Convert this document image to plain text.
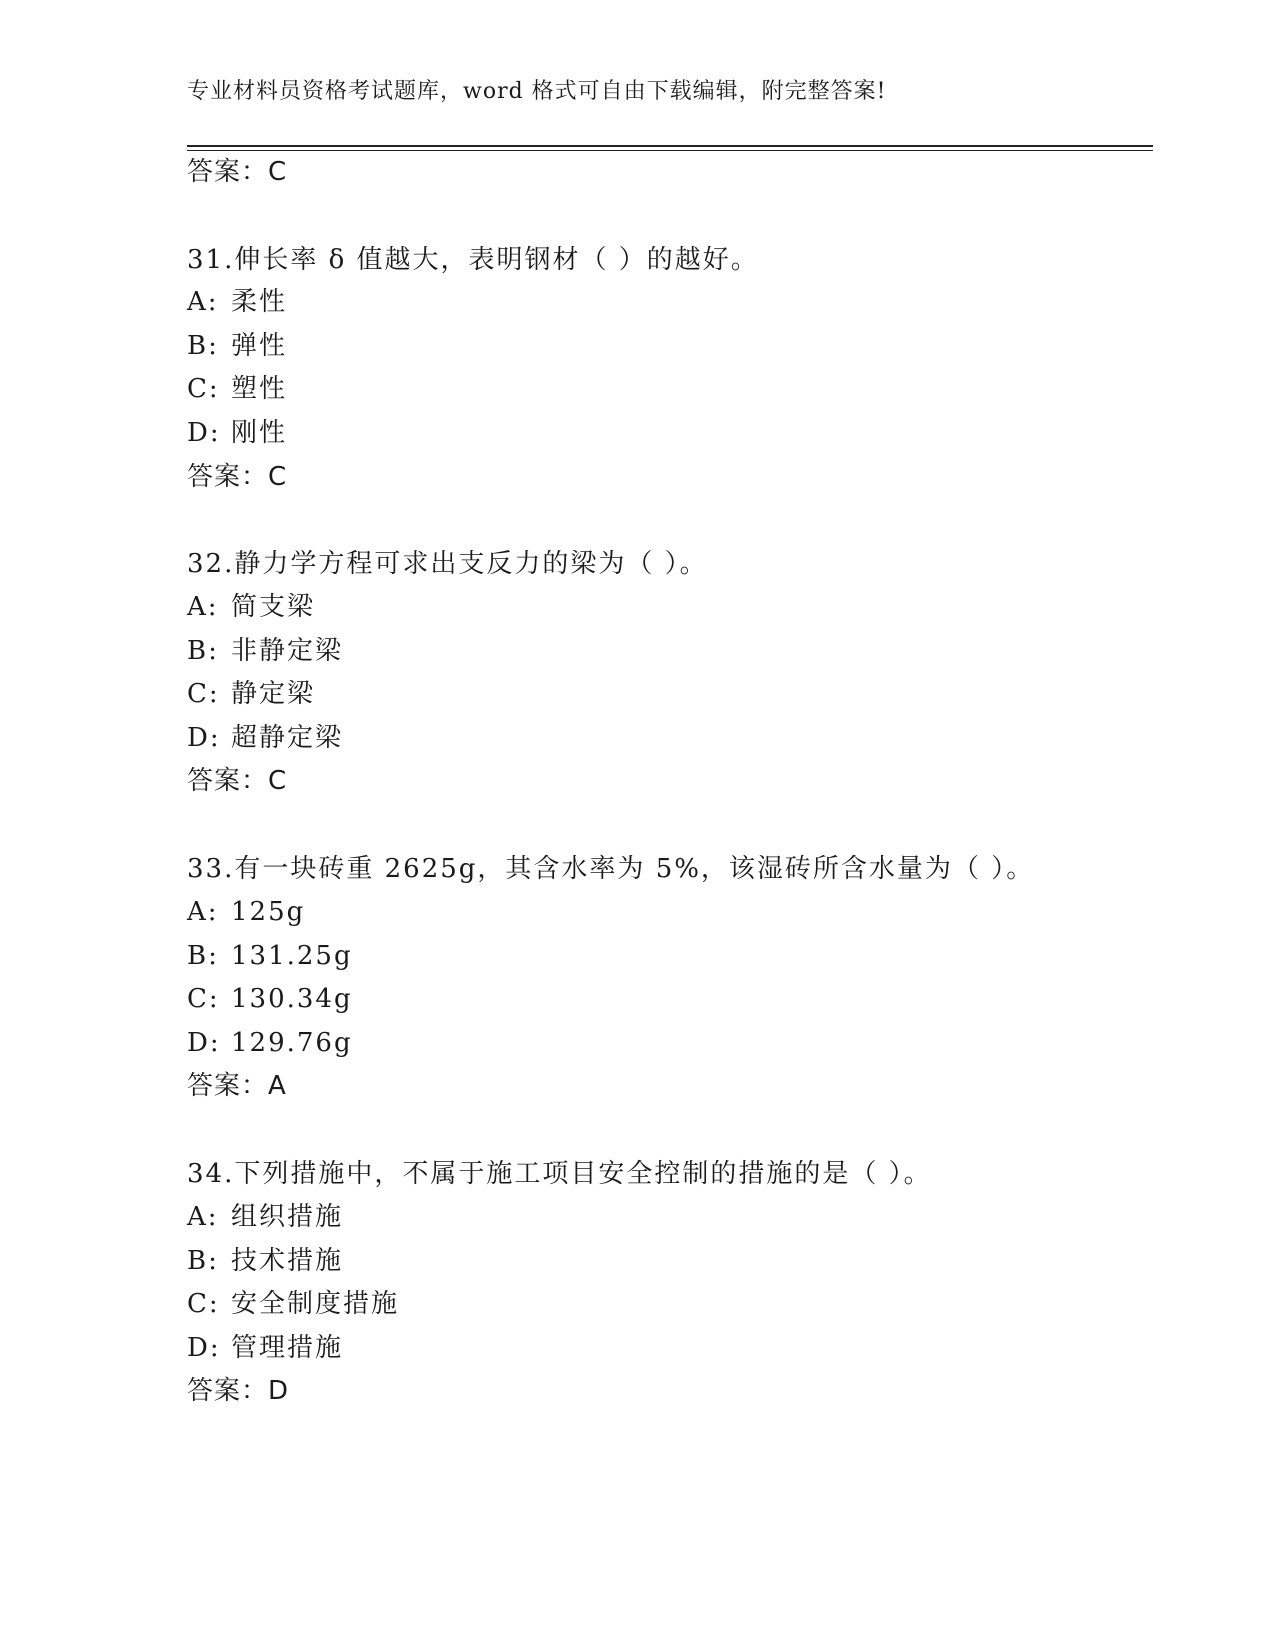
专业材料员资格考试题库，word 格式可自由下载编辑，附完整答案!
答案：C
31.伸长率 δ 值越大，表明钢材（ ）的越好。
A: 柔性
B: 弹性
C: 塑性
D: 刚性
答案：C
32.静力学方程可求出支反力的梁为（ ）。
A: 简支梁
B: 非静定梁
C: 静定梁
D: 超静定梁
答案：C
33.有一块砖重 2625g，其含水率为 5%，该湿砖所含水量为（ ）。
A: 125g
B: 131.25g
C: 130.34g
D: 129.76g
答案：A
34.下列措施中，不属于施工项目安全控制的措施的是（ ）。
A: 组织措施
B: 技术措施
C: 安全制度措施
D: 管理措施
答案：D
